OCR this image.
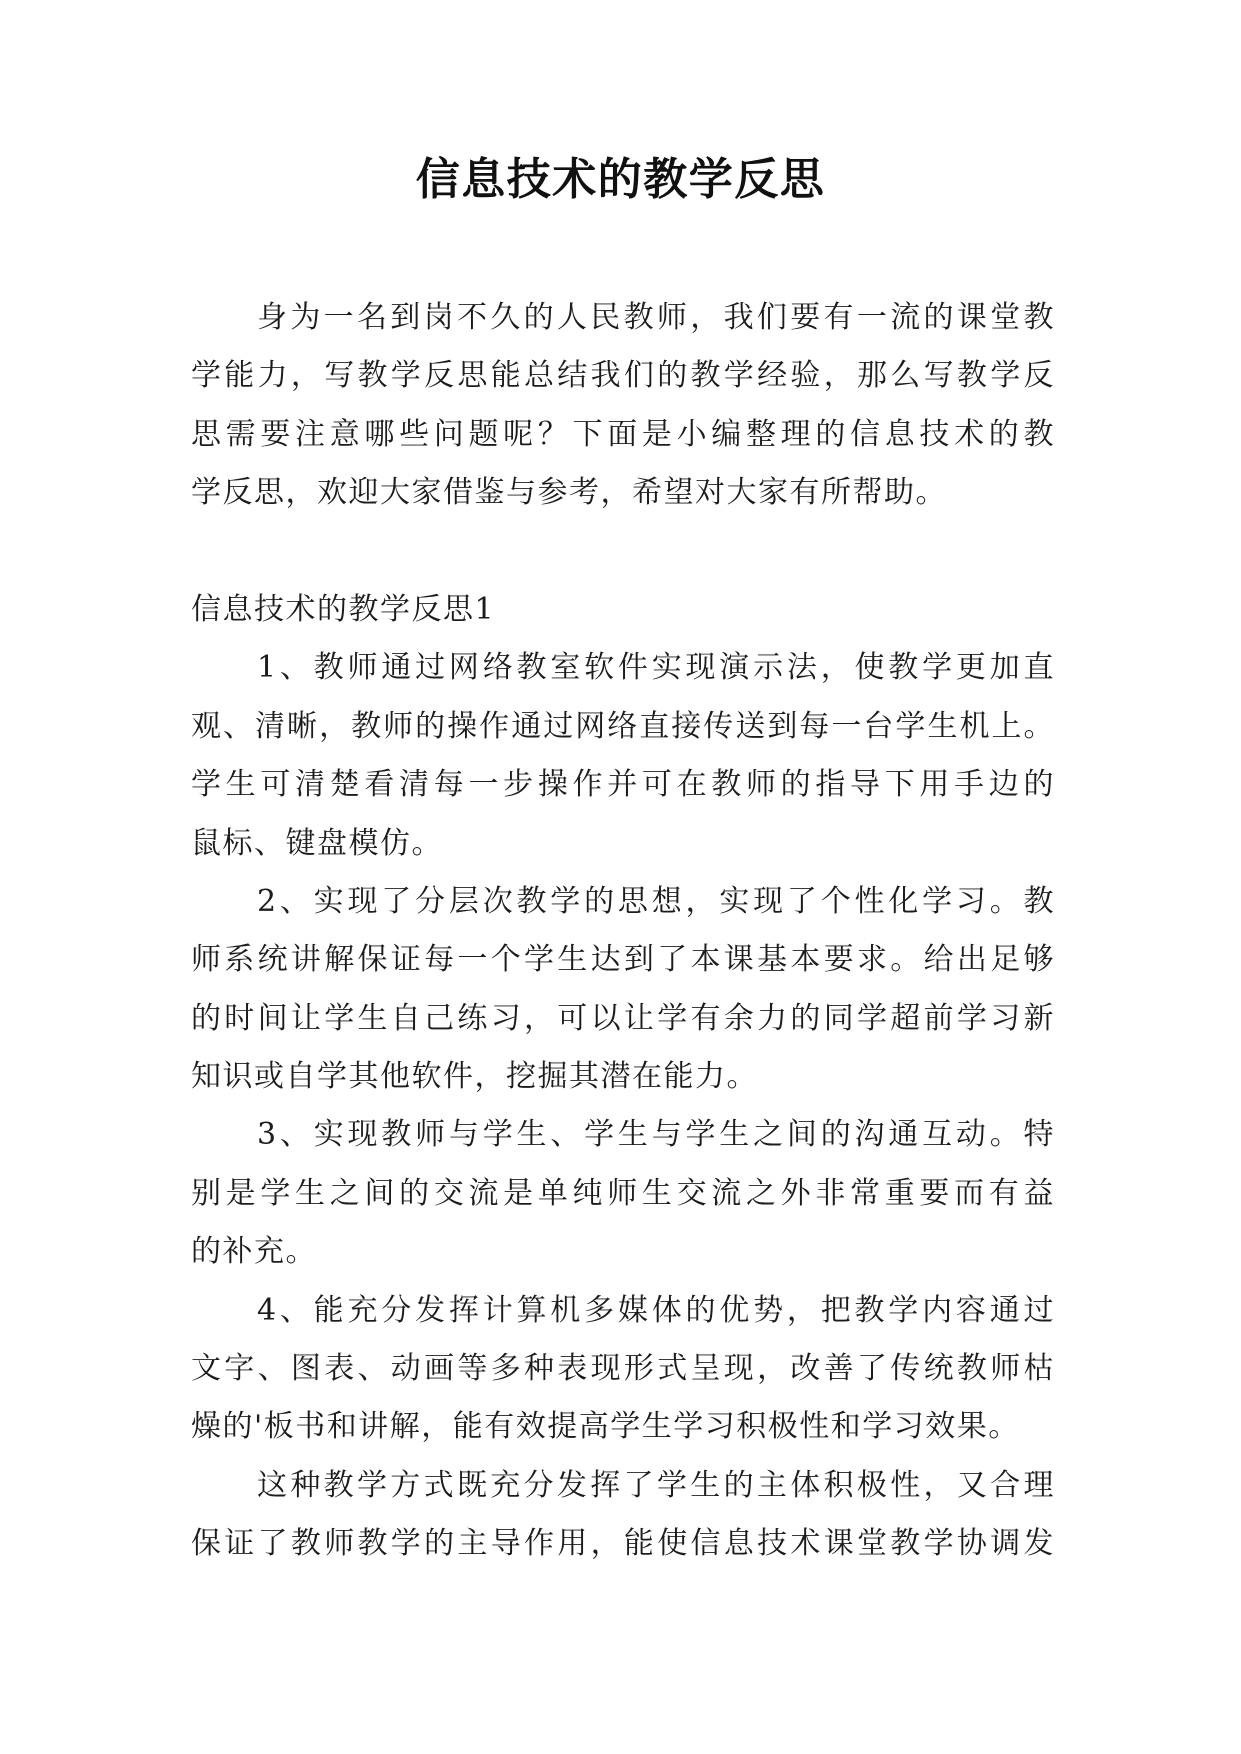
信息技术的教学反思
身为一名到岗不久的人民教师，我们要有一流的课堂教
学能力，写教学反思能总结我们的教学经验，那么写教学反
思需要注意哪些问题呢？下面是小编整理的信息技术的教
学反思，欢迎大家借鉴与参考，希望对大家有所帮助。
信息技术的教学反思1
1、教师通过网络教室软件实现演示法，使教学更加直
观、清晰，教师的操作通过网络直接传送到每一台学生机上。
学生可清楚看清每一步操作并可在教师的指导下用手边的
鼠标、键盘模仿。
2、实现了分层次教学的思想，实现了个性化学习。教
师系统讲解保证每一个学生达到了本课基本要求。给出足够
的时间让学生自己练习，可以让学有余力的同学超前学习新
知识或自学其他软件，挖掘其潜在能力。
3、实现教师与学生、学生与学生之间的沟通互动。特
别是学生之间的交流是单纯师生交流之外非常重要而有益
的补充。
4、能充分发挥计算机多媒体的优势，把教学内容通过
文字、图表、动画等多种表现形式呈现，改善了传统教师枯
燥的'板书和讲解，能有效提高学生学习积极性和学习效果。
这种教学方式既充分发挥了学生的主体积极性，又合理
保证了教师教学的主导作用，能使信息技术课堂教学协调发
